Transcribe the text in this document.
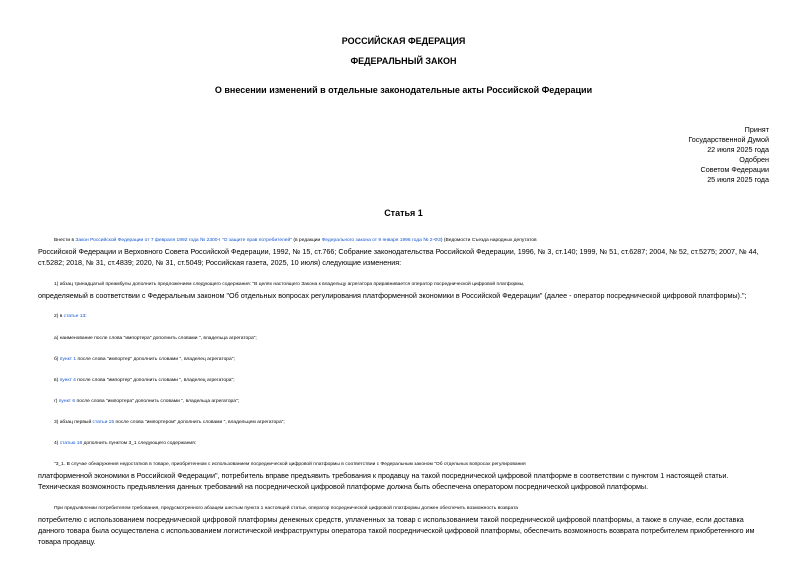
РОССИЙСКАЯ ФЕДЕРАЦИЯ
ФЕДЕРАЛЬНЫЙ ЗАКОН
О внесении изменений в отдельные законодательные акты Российской Федерации
Принят
Государственной Думой
22 июля 2025 года
Одобрен
Советом Федерации
25 июля 2025 года
Статья 1
Внести в Закон Российской Федерации от 7 февраля 1992 года № 2300-I "О защите прав потребителей" (в редакции Федерального закона от 9 января 1996 года № 2-ФЗ) (Ведомости Съезда народных депутатов
Российской Федерации и Верховного Совета Российской Федерации, 1992, № 15, ст.766; Собрание законодательства Российской Федерации, 1996, № 3, ст.140; 1999, № 51, ст.6287; 2004, № 52, ст.5275; 2007, № 44,
ст.5282; 2018, № 31, ст.4839; 2020, № 31, ст.5049; Российская газета, 2025, 10 июля) следующие изменения:
1) абзац тринадцатый преамбулы дополнить предложением следующего содержания: "В целях настоящего Закона к владельцу агрегатора приравнивается оператор посреднической цифровой платформы,
определяемый в соответствии с Федеральным законом "Об отдельных вопросах регулирования платформенной экономики в Российской Федерации" (далее - оператор посреднической цифровой платформы).";
2) в статье 13:
а) наименование после слова "импортера" дополнить словами ", владельца агрегатора";
б) пункт 1 после слова "импортер" дополнить словами ", владелец агрегатора";
в) пункт 4 после слова "импортер" дополнить словами ", владелец агрегатора";
г) пункт 6 после слова "импортера" дополнить словами ", владельца агрегатора";
3) абзац первый статьи 15 после слова "импортером" дополнить словами ", владельцем агрегатора";
4) статью 18 дополнить пунктом 3_1 следующего содержания:
"3_1. В случае обнаружения недостатков в товаре, приобретенном с использованием посреднической цифровой платформы в соответствии с Федеральным законом "Об отдельных вопросах регулирования
платформенной экономики в Российской Федерации", потребитель вправе предъявить требования к продавцу на такой посреднической цифровой платформе в соответствии с пунктом 1 настоящей статьи.
Техническая возможность предъявления данных требований на посреднической цифровой платформе должна быть обеспечена оператором посреднической цифровой платформы.
При предъявлении потребителем требования, предусмотренного абзацем шестым пункта 1 настоящей статьи, оператор посреднической цифровой платформы должен обеспечить возможность возврата
потребителю с использованием посреднической цифровой платформы денежных средств, уплаченных за товар с использованием такой посреднической цифровой платформы, а также в случае, если доставка
данного товара была осуществлена с использованием логистической инфраструктуры оператора такой посреднической цифровой платформы, обеспечить возможность возврата потребителем приобретенного им
товара продавцу.
